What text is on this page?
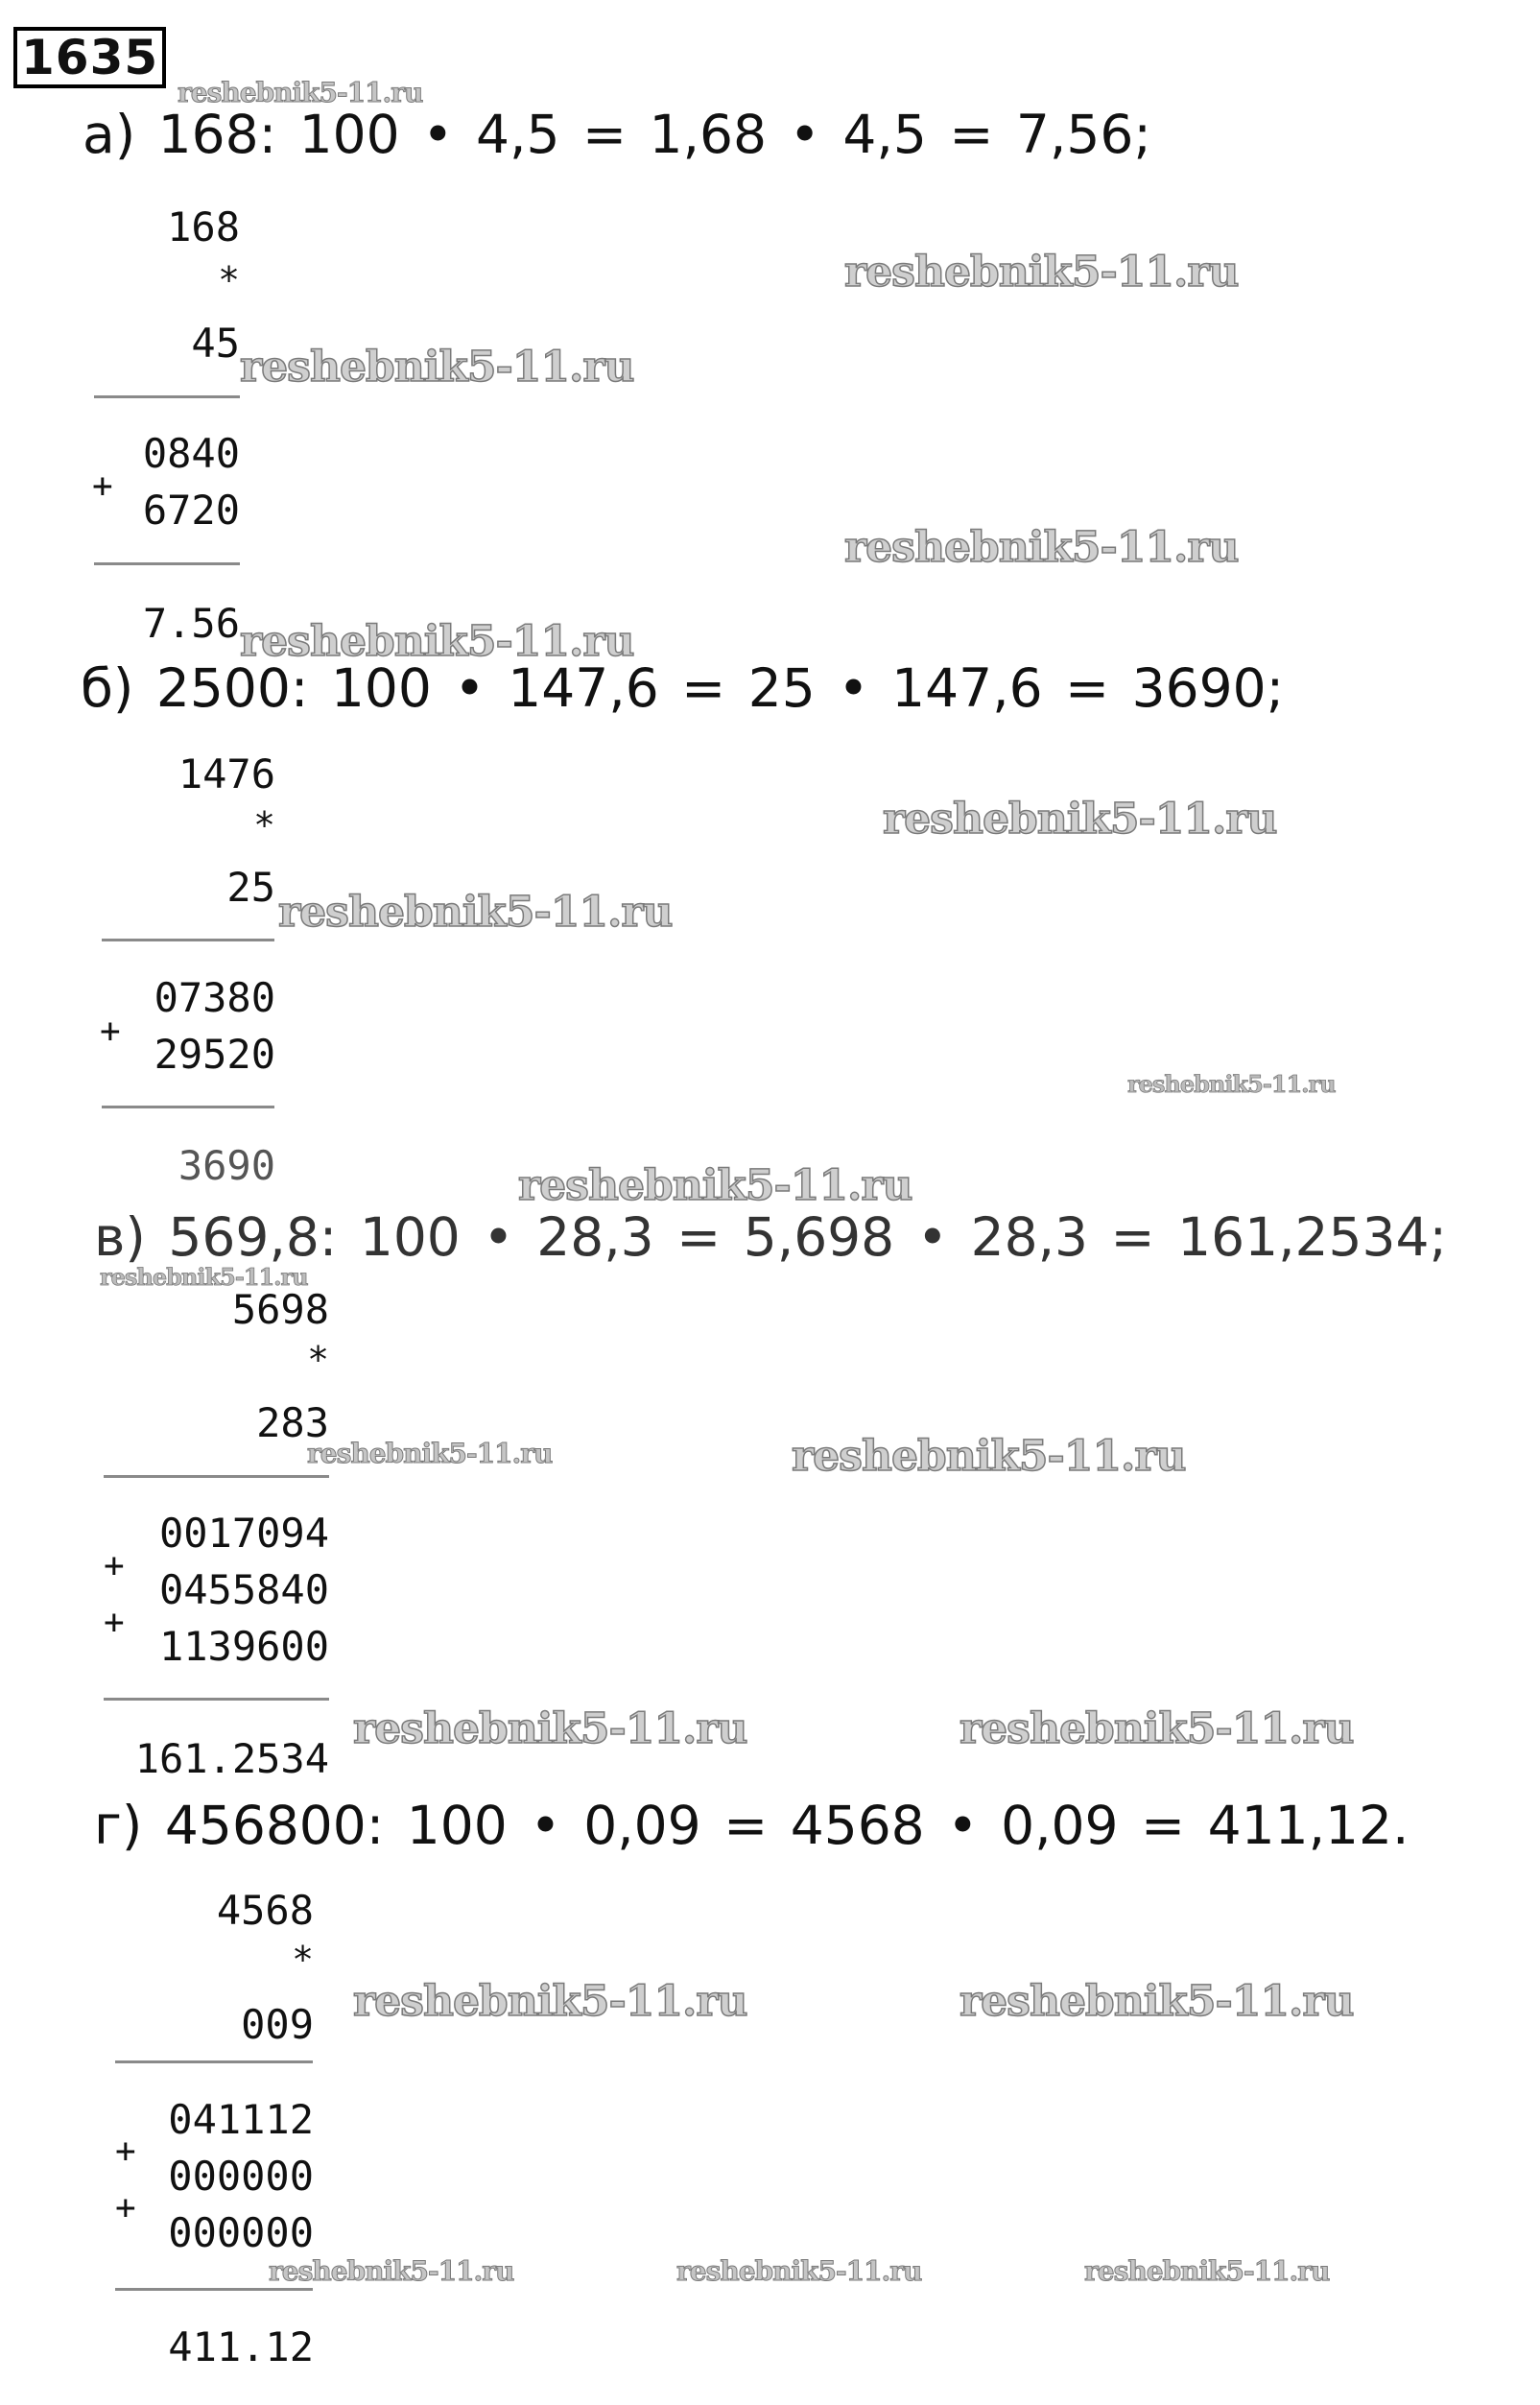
1635
а) 168: 100 • 4,5 = 1,68 • 4,5 = 7,56;
168
*
45
0840
+
6720
7.56
б) 2500: 100 • 147,6 = 25 • 147,6 = 3690;
1476
*
25
07380
+ 29520
3690
в) 569,8: 100 • 28,3 = 5,698 • 28,3 = 161,2534;
5698
*
283
0017094
+
0455840
+
1139600
161.2534
г) 456800: 100 • 0,09 = 4568 • 0,09 = 411,12.
4568
*
009
041112
+
000000
+
000000
411.12
reshebnik5-11.ru
reshebnik5-11.ru
reshebnik5-11.ru
reshebnik5-11.ru
reshebnik5-11.ru
reshebnik5-11.ru
reshebnik5-11.ru
reshebnik5-11.ru
reshebnik5-11.ru
reshebnik5-11.ru
reshebnik5-11.ru	reshebnik5-11.ru
reshebnik5-11.ru	reshebnik5-11.ru
reshebnik5-11.ru	reshebnik5-11.ru
reshebnik5-11.ru	reshebnik5-11.ru	reshebnik5-11.ru
